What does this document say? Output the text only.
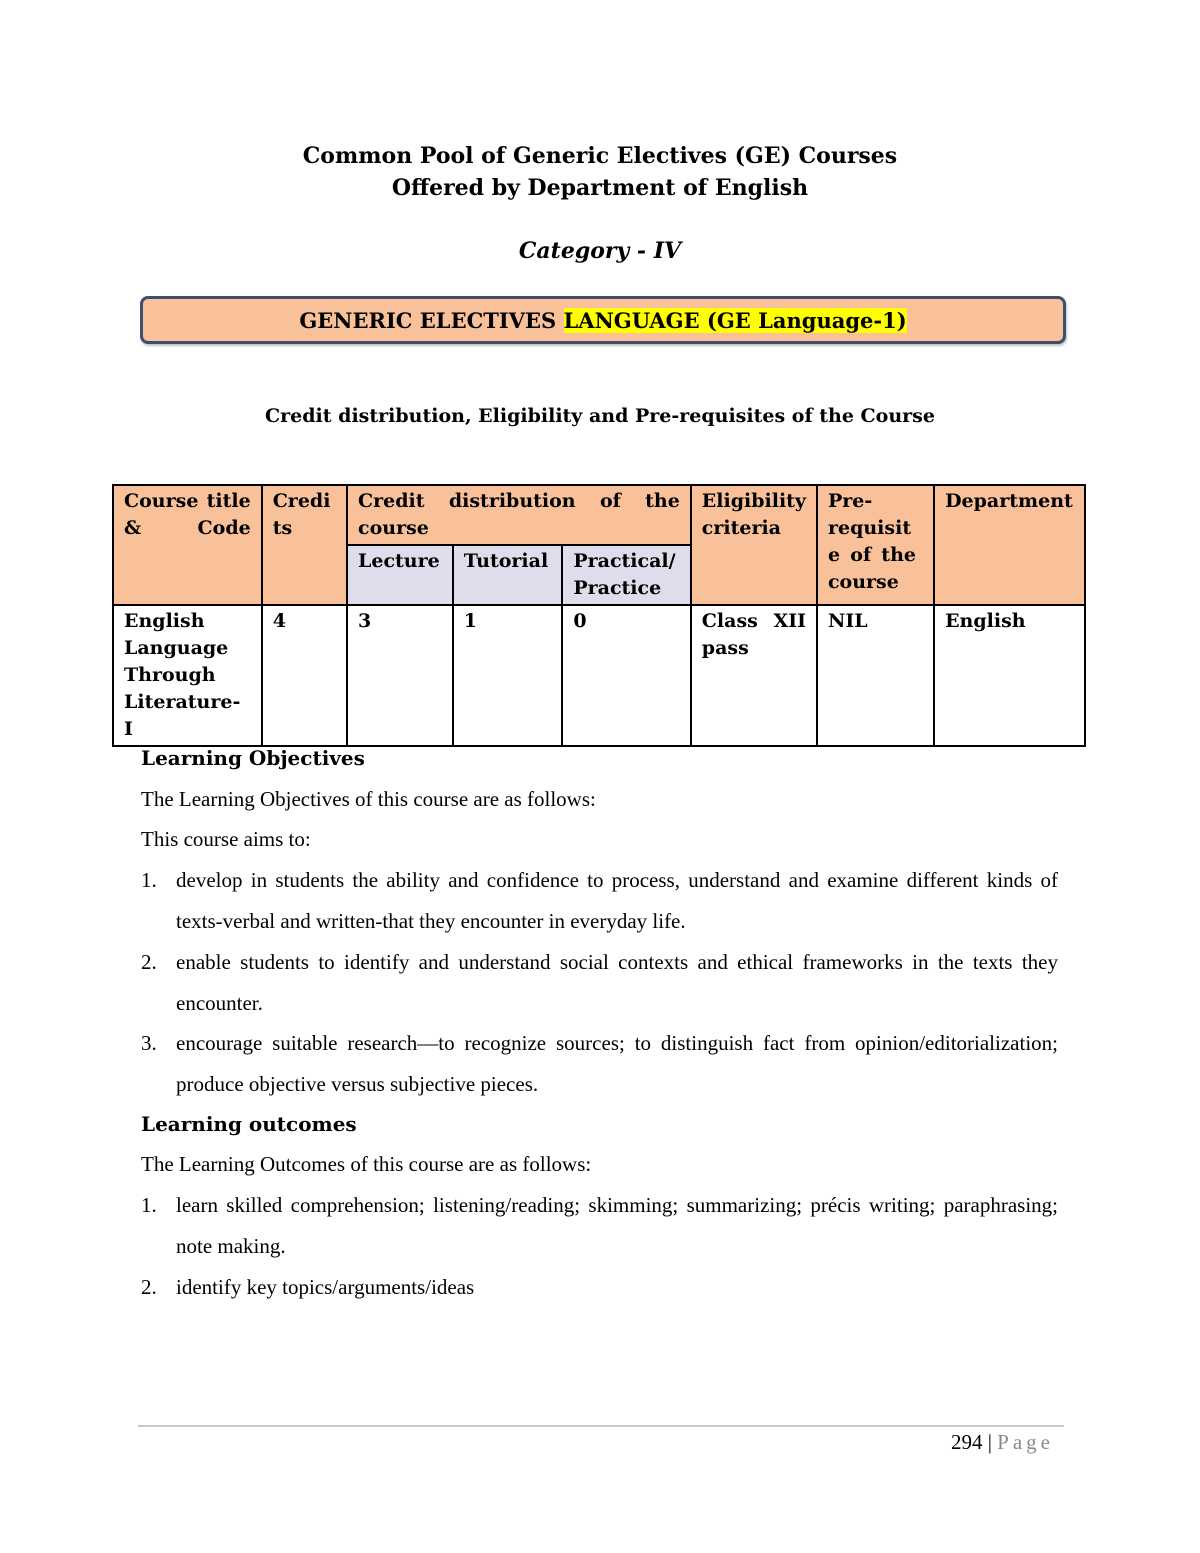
Common Pool of Generic Electives (GE) Courses
Offered by Department of English
Category - IV
GENERIC ELECTIVES LANGUAGE (GE Language-1)
Credit distribution, Eligibility and Pre-requisites of the Course
Course title & Code	Credits	Credit distribution of the course			Eligibility criteria	Pre-requisite of the course	Department
		Lecture	Tutorial	Practical/ Practice			
English Language Through Literature- I	4	3	1	0	Class XII pass	NIL	English
Learning Objectives
The Learning Objectives of this course are as follows:
This course aims to:
1. develop in students the ability and confidence to process, understand and examine different kinds of texts-verbal and written-that they encounter in everyday life.
2. enable students to identify and understand social contexts and ethical frameworks in the texts they encounter.
3. encourage suitable research—to recognize sources; to distinguish fact from opinion/editorialization; produce objective versus subjective pieces.
Learning outcomes
The Learning Outcomes of this course are as follows:
1. learn skilled comprehension; listening/reading; skimming; summarizing; précis writing; paraphrasing; note making.
2. identify key topics/arguments/ideas
294 | Page
